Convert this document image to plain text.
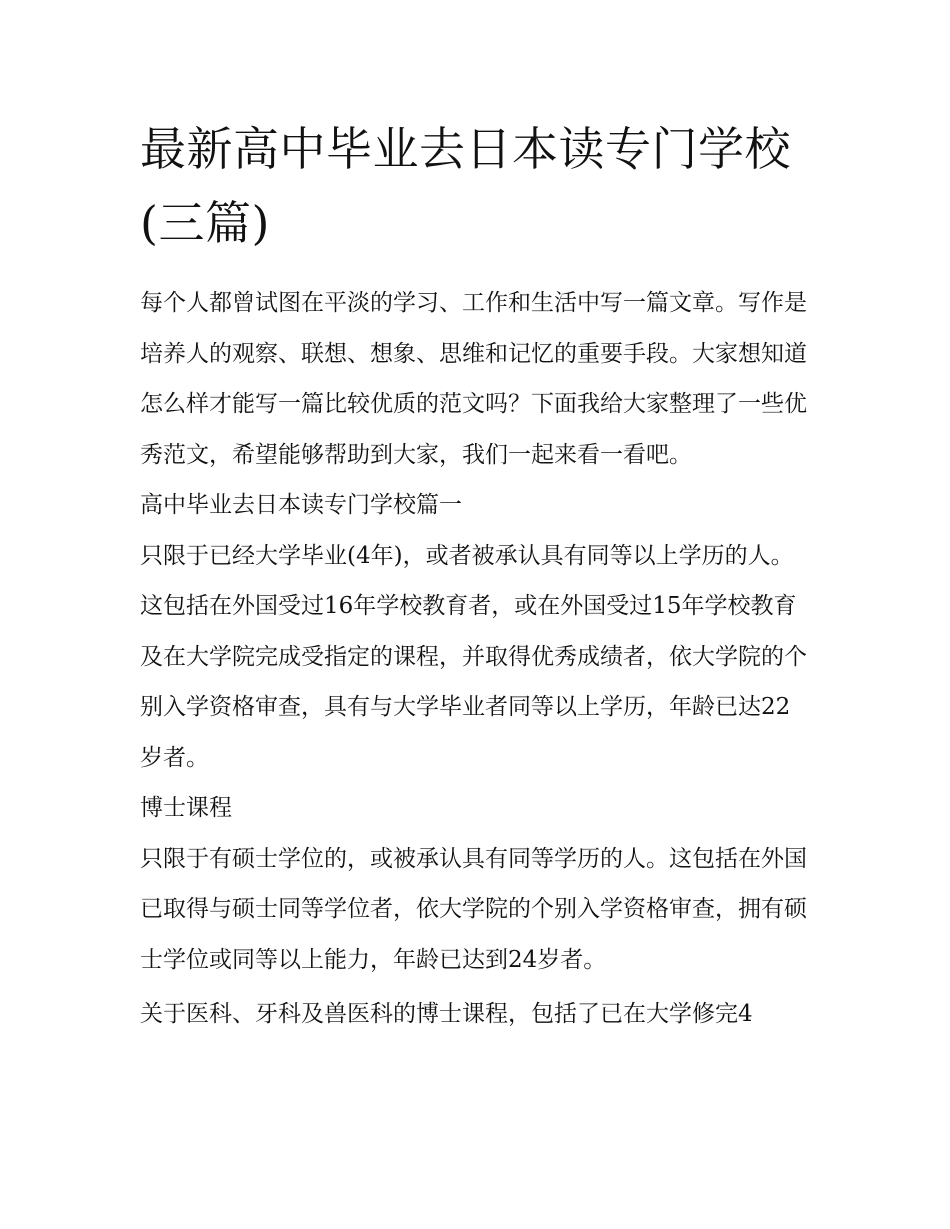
最新高中毕业去日本读专门学校(三篇)

每个人都曾试图在平淡的学习、工作和生活中写一篇文章。写作是培养人的观察、联想、想象、思维和记忆的重要手段。大家想知道怎么样才能写一篇比较优质的范文吗？下面我给大家整理了一些优秀范文，希望能够帮助到大家，我们一起来看一看吧。

高中毕业去日本读专门学校篇一

只限于已经大学毕业(4年)，或者被承认具有同等以上学历的人。这包括在外国受过16年学校教育者，或在外国受过15年学校教育及在大学院完成受指定的课程，并取得优秀成绩者，依大学院的个别入学资格审查，具有与大学毕业者同等以上学历，年龄已达22岁者。

博士课程

只限于有硕士学位的，或被承认具有同等学历的人。这包括在外国已取得与硕士同等学位者，依大学院的个别入学资格审查，拥有硕士学位或同等以上能力，年龄已达到24岁者。

关于医科、牙科及兽医科的博士课程，包括了已在大学修完4
